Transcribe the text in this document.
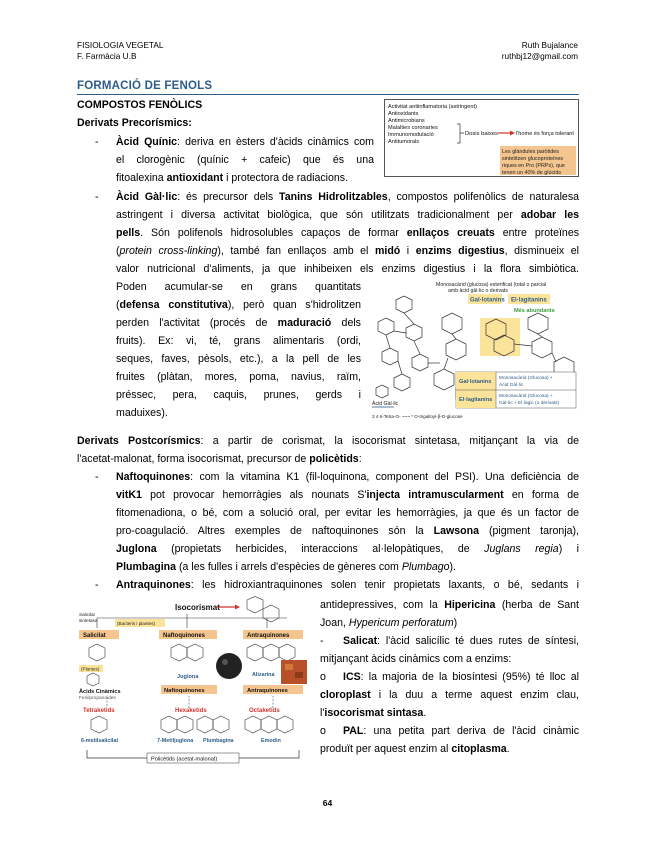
FISIOLOGIA VEGETAL
F. Farmàcia U.B
Ruth Bujalance
ruthbj12@gmail.com
FORMACIÓ DE FENOLS
COMPOSTOS FENÒLICS
Derivats Precorísmics:
- Àcid Quínic: deriva en èsters d'àcids cinàmics com
el clorogènic (quínic + cafeic) que és una
fitoalexina antioxidant i protectora de radiacions.
Activitat antiinflamatoria (astringent)
Antioxidants
Antimicrobians
Malalties coronaries
Immunomodulació
Antitumorals
Dosis baixes	l'home és força tolerant
Les glàndules paròtides
sintetitzen glucoproteïnes
riques en Pro (PRPs), que
tenen un 40% de glúcids
- Àcid Gàl·lic: és precursor dels Tanins Hidrolitzables, compostos polifenòlics de naturalesa
astringent i diversa activitat biològica, que són utilitzats tradicionalment per adobar les
pells. Són polifenols hidrosolubles capaços de formar enllaços creuats entre proteïnes
(protein cross-linking), també fan enllaços amb el midó i enzims digestius, disminueix el
valor nutricional d'aliments, ja que inhibeixen els enzims digestius i la flora simbiòtica.
Poden acumular-se en grans quantitats
(defensa constitutiva), però quan s'hidrolitzen
perden l'activitat (procés de maduració dels
fruits). Ex: vi, té, grans alimentaris (ordi,
seques, faves, pèsols, etc.), a la pell de les
fruites (plàtan, mores, poma, navius, raïm,
préssec, pera, caquis, prunes, gerds i
maduixes).
Monosacàrid (glucosa) esterificat (total o parcial
amb àcid gàl·lic o derivats
Gal·lotanins El·lagitanins
Més abundants
Àcid Gàl·lic
Gal·lotanins
El·lagitanins
Monosacàrid (Glucosa) +
Àcid Gàl·lic
Monosacàrid (Glucosa) +
Gàl·lic + El·làgic (o derivats)
3 4 6-Tetra-O- ~~~ * O-trigalloyl-β-D-glucose
Derivats Postcorísmics: a partir de corismat, la isocorismat sintetasa, mitjançant la via de
l'acetat-malonat, forma isocorismat, precursor de policètids:
- Naftoquinones: com la vitamina K1 (fil-loquinona, component del PSI). Una deficiència de
vitK1 pot provocar hemorràgies als nounats S'injecta intramuscularment en forma de
fitomenadiona, o bé, com a solució oral, per evitar les hemorràgies, ja que és un factor de
pro-coagulació. Altres exemples de naftoquinones són la Lawsona (pigment taronja),
Juglona (propietats herbicides, interaccions al·lelopàtiques, de Juglans regia) i
Plumbagina (a les fulles i arrels d'espècies de gèneres com Plumbago).
- Antraquinones: les hidroxiantraquinones solen tenir propietats laxants, o bé, sedants i
antidepressives, com la Hipericina (herba de Sant
Joan, Hypericum perforatum)
- Salicat: l'àcid salicílic té dues rutes de síntesi,
mitjançant àcids cinàmics com a enzims:
o ICS: la majoria de la biosíntesi (95%) té lloc al
cloroplast i la duu a terme aquest enzim clau,
l'isocorismat sintasa.
o PAL: una petita part deriva de l'àcid cinàmic
produït per aquest enzim al citoplasma.
Isocorismat
Salicilat
sintetasa
(Bacteris i plantes)
Salicilat	Naftoquinones	Antraquinones
(Plantes)
Àcids Cinàmics
Fenilpropanoides
Juglona
Naftoquinones
Alizarina
Antraquinones
Tetraketids	Hexaketids	Octaketids
6-metilsalicilat	7-Metiljuglona Plumbagina	Emodin
Policètids (acetat-malonat)
64
